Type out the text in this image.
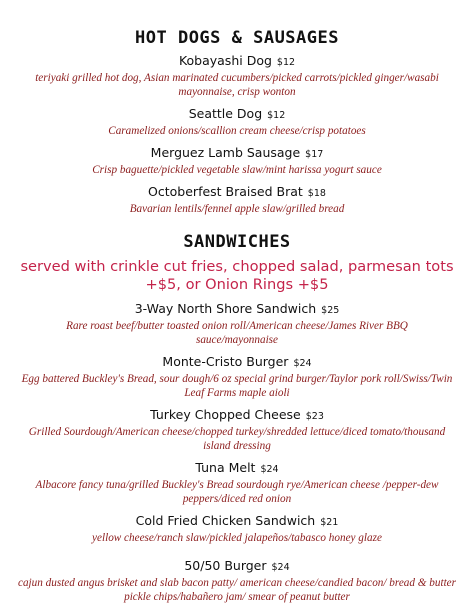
HOT DOGS & SAUSAGES

Kobayashi Dog $12

teriyaki grilled hot dog, Asian marinated cucumbers/picked carrots/pickled ginger/wasabi mayonnaise, crisp wonton

Seattle Dog $12

Caramelized onions/scallion cream cheese/crisp potatoes

Merguez Lamb Sausage $17

Crisp baguette/pickled vegetable slaw/mint harissa yogurt sauce

Octoberfest Braised Brat $18

Bavarian lentils/fennel apple slaw/grilled bread

SANDWICHES

served with crinkle cut fries, chopped salad, parmesan tots

+$5, or Onion Rings +$5

3-Way North Shore Sandwich $25

Rare roast beef/butter toasted onion roll/American cheese/James River BBQ sauce/mayonnaise

Monte-Cristo Burger $24

Egg battered Buckley's Bread, sour dough/6 oz special grind burger/Taylor pork roll/Swiss/Twin Leaf Farms maple aioli

Turkey Chopped Cheese $23

Grilled Sourdough/American cheese/chopped turkey/shredded lettuce/diced tomato/thousand island dressing

Tuna Melt $24

Albacore fancy tuna/grilled Buckley's Bread sourdough rye/American cheese /pepper-dew peppers/diced red onion

Cold Fried Chicken Sandwich $21

yellow cheese/ranch slaw/pickled jalapeños/tabasco honey glaze

50/50 Burger $24

cajun dusted angus brisket and slab bacon patty/ american cheese/candied bacon/ bread & butter pickle chips/habañero jam/ smear of peanut butter
